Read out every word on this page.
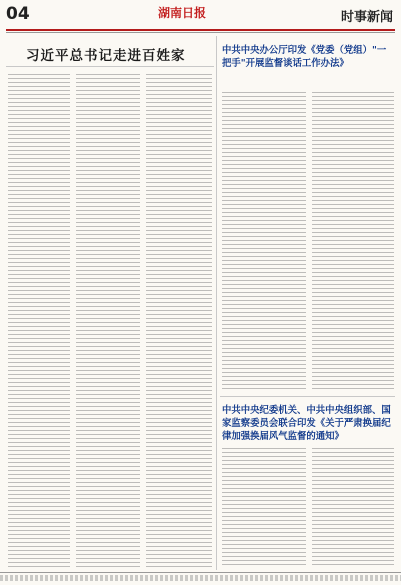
04	湖南日报	时事新闻
习近平总书记走进百姓家	中共中央办公厅印发《党委（党组）"一把手"开展监督谈话工作办法》
中共中央纪委机关、中共中央组织部、国家监察委员会联合印发《关于严肃换届纪律加强换届风气监督的通知》
